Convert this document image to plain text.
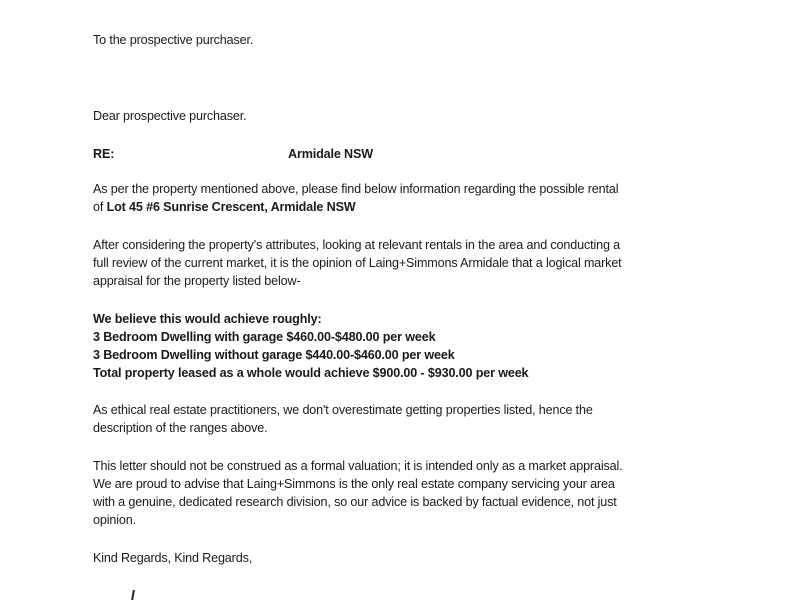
To the prospective purchaser.
Dear prospective purchaser.
RE:	Armidale NSW
As per the property mentioned above, please find below information regarding the possible rental
of Lot 45 #6 Sunrise Crescent, Armidale NSW
After considering the property's attributes, looking at relevant rentals in the area and conducting a
full review of the current market, it is the opinion of Laing+Simmons Armidale that a logical market
appraisal for the property listed below-
We believe this would achieve roughly:
3 Bedroom Dwelling with garage $460.00-$480.00 per week
3 Bedroom Dwelling without garage $440.00-$460.00 per week
Total property leased as a whole would achieve $900.00 - $930.00 per week
As ethical real estate practitioners, we don't overestimate getting properties listed, hence the
description of the ranges above.
This letter should not be construed as a formal valuation; it is intended only as a market appraisal.
We are proud to advise that Laing+Simmons is the only real estate company servicing your area
with a genuine, dedicated research division, so our advice is backed by factual evidence, not just
opinion.
Kind Regards, Kind Regards,
